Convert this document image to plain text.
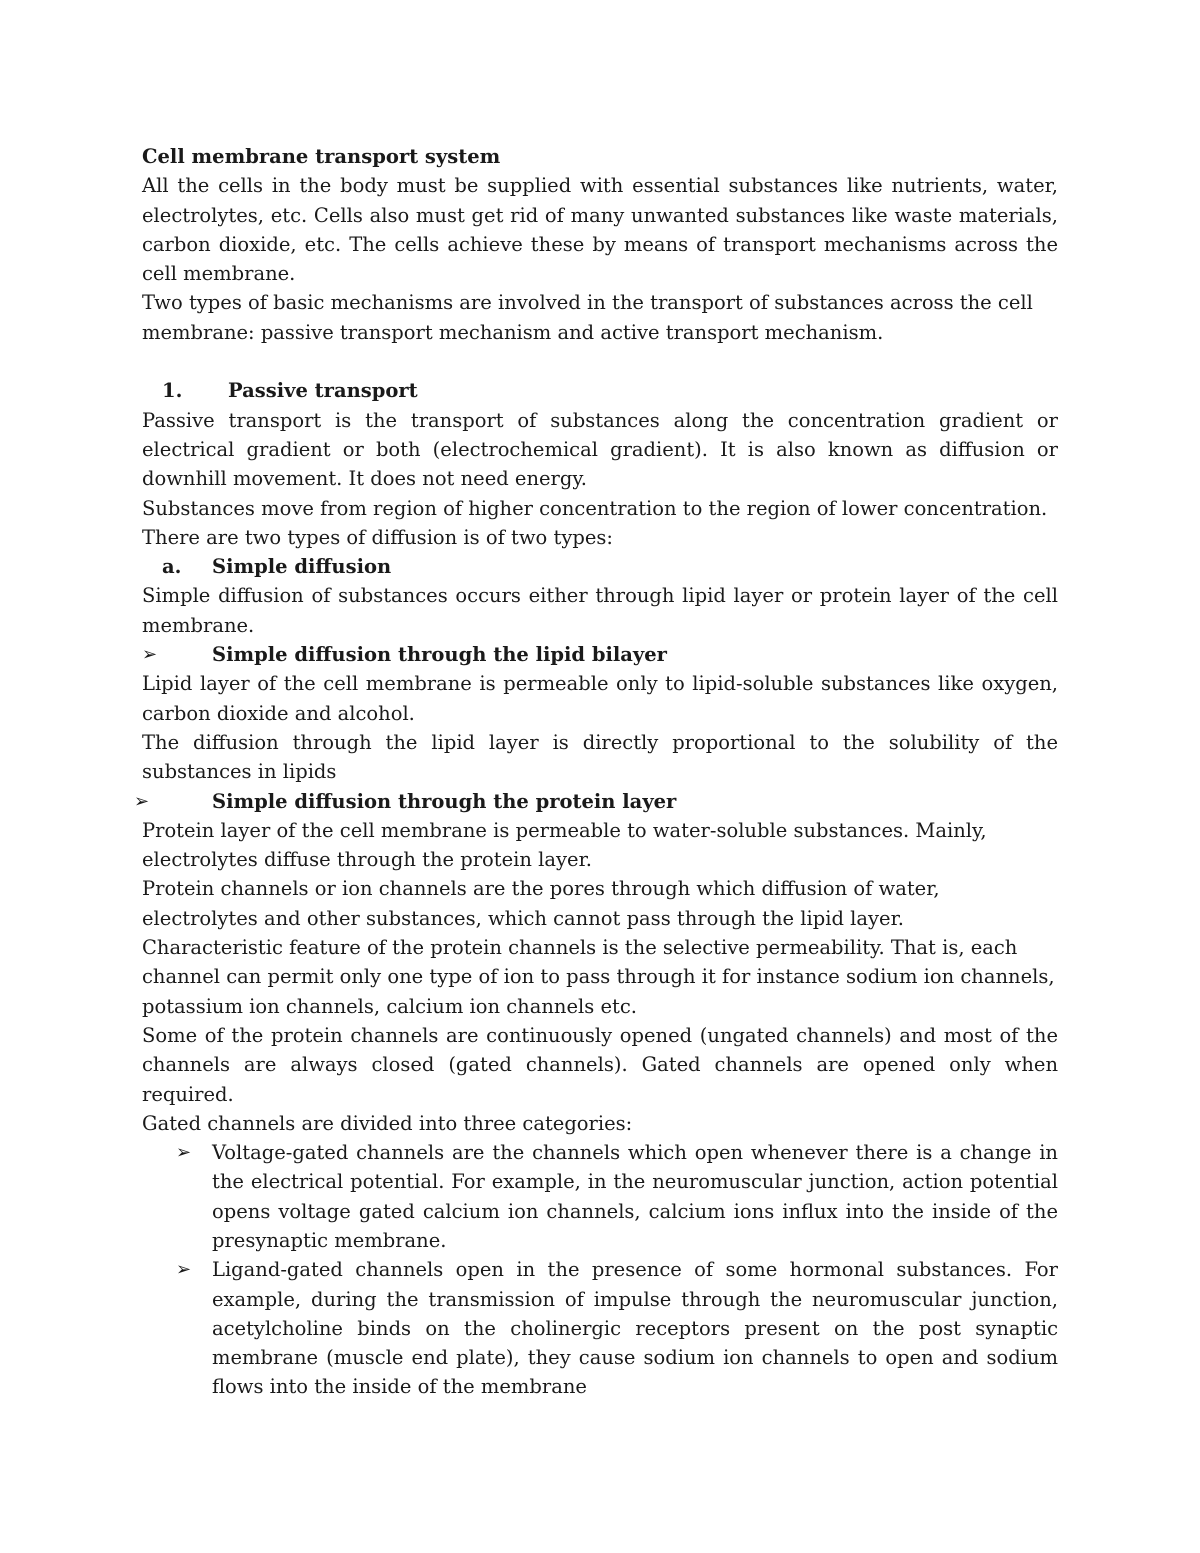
Cell membrane transport system

All the cells in the body must be supplied with essential substances like nutrients, water, electrolytes, etc. Cells also must get rid of many unwanted substances like waste materials, carbon dioxide, etc. The cells achieve these by means of transport mechanisms across the cell membrane.

Two types of basic mechanisms are involved in the transport of substances across the cell membrane: passive transport mechanism and active transport mechanism.

1. Passive transport

Passive transport is the transport of substances along the concentration gradient or electrical gradient or both (electrochemical gradient). It is also known as diffusion or downhill movement. It does not need energy.

Substances move from region of higher concentration to the region of lower concentration.

There are two types of diffusion is of two types:

a. Simple diffusion

Simple diffusion of substances occurs either through lipid layer or protein layer of the cell membrane.

➢	Simple diffusion through the lipid bilayer

Lipid layer of the cell membrane is permeable only to lipid-soluble substances like oxygen, carbon dioxide and alcohol.

The diffusion through the lipid layer is directly proportional to the solubility of the substances in lipids

➢	Simple diffusion through the protein layer

Protein layer of the cell membrane is permeable to water-soluble substances. Mainly, electrolytes diffuse through the protein layer.

Protein channels or ion channels are the pores through which diffusion of water, electrolytes and other substances, which cannot pass through the lipid layer.

Characteristic feature of the protein channels is the selective permeability. That is, each channel can permit only one type of ion to pass through it for instance sodium ion channels, potassium ion channels, calcium ion channels etc.

Some of the protein channels are continuously opened (ungated channels) and most of the channels are always closed (gated channels). Gated channels are opened only when required.

Gated channels are divided into three categories:

➢ Voltage-gated channels are the channels which open whenever there is a change in the electrical potential. For example, in the neuromuscular junction, action potential opens voltage gated calcium ion channels, calcium ions influx into the inside of the presynaptic membrane.
➢ Ligand-gated channels open in the presence of some hormonal substances. For example, during the transmission of impulse through the neuromuscular junction, acetylcholine binds on the cholinergic receptors present on the post synaptic membrane (muscle end plate), they cause sodium ion channels to open and sodium flows into the inside of the membrane
